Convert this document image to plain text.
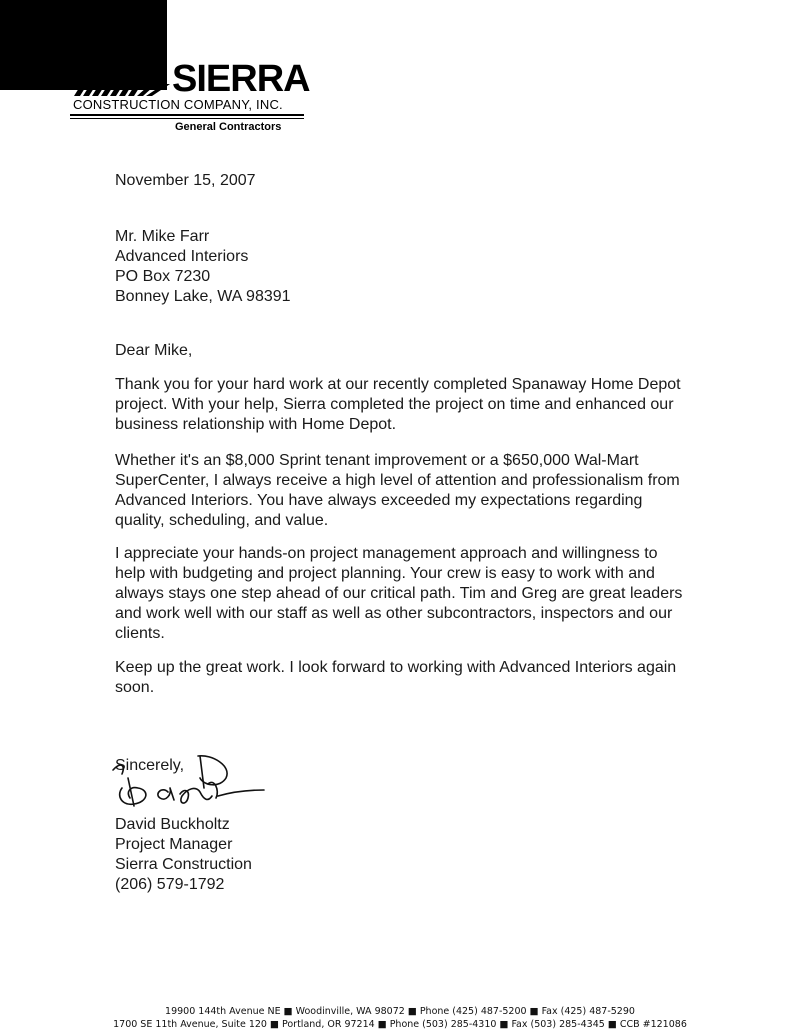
SIERRA
CONSTRUCTION COMPANY, INC.
General Contractors
November 15, 2007
Mr. Mike Farr
Advanced Interiors
PO Box 7230
Bonney Lake, WA 98391
Dear Mike,
Thank you for your hard work at our recently completed Spanaway Home Depot
project. With your help, Sierra completed the project on time and enhanced our
business relationship with Home Depot.
Whether it's an $8,000 Sprint tenant improvement or a $650,000 Wal-Mart
SuperCenter, I always receive a high level of attention and professionalism from
Advanced Interiors. You have always exceeded my expectations regarding
quality, scheduling, and value.
I appreciate your hands-on project management approach and willingness to
help with budgeting and project planning. Your crew is easy to work with and
always stays one step ahead of our critical path. Tim and Greg are great leaders
and work well with our staff as well as other subcontractors, inspectors and our
clients.
Keep up the great work. I look forward to working with Advanced Interiors again
soon.
Sincerely,
David Buckholtz
Project Manager
Sierra Construction
(206) 579-1792
19900 144th Avenue NE ■ Woodinville, WA 98072 ■ Phone (425) 487-5200 ■ Fax (425) 487-5290
1700 SE 11th Avenue, Suite 120 ■ Portland, OR 97214 ■ Phone (503) 285-4310 ■ Fax (503) 285-4345 ■ CCB #121086
